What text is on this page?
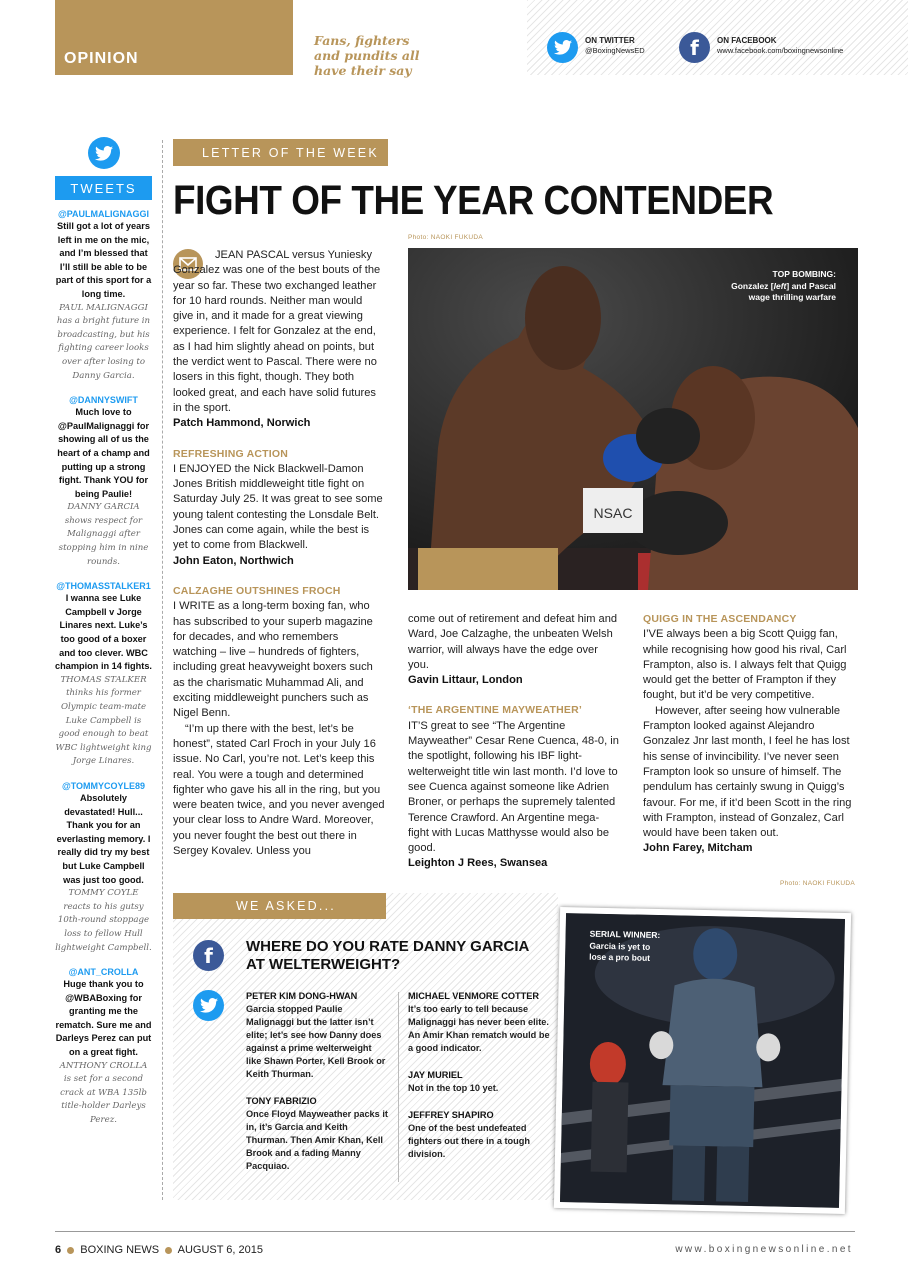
OPINION
Fans, fighters and pundits all have their say
ON TWITTER
@BoxingNewsED	f	ON FACEBOOK
www.facebook.com/boxingnewsonline
TWEETS
@PAULMALIGNAGGI
Still got a lot of years left in me on the mic, and I’m blessed that I’ll still be able to be part of this sport for a long time.
PAUL MALIGNAGGI has a bright future in broadcasting, but his fighting career looks over after losing to Danny Garcia.
@DANNYSWIFT
Much love to @PaulMalignaggi for showing all of us the heart of a champ and putting up a strong fight. Thank YOU for being Paulie!
DANNY GARCIA shows respect for Malignaggi after stopping him in nine rounds.
@THOMASSTALKER1
I wanna see Luke Campbell v Jorge Linares next. Luke’s too good of a boxer and too clever. WBC champion in 14 fights.
THOMAS STALKER thinks his former Olympic team-mate Luke Campbell is good enough to beat WBC lightweight king Jorge Linares.
@TOMMYCOYLE89
Absolutely devastated! Hull... Thank you for an everlasting memory. I really did try my best but Luke Campbell was just too good.
TOMMY COYLE reacts to his gutsy 10th-round stoppage loss to fellow Hull lightweight Campbell.
@ANT_CROLLA
Huge thank you to @WBABoxing for granting me the rematch. Sure me and Darleys Perez can put on a great fight.
ANTHONY CROLLA is set for a second crack at WBA 135lb title-holder Darleys Perez.
LETTER OF THE WEEK
FIGHT OF THE YEAR CONTENDER
Photo: NAOKI FUKUDA
NSAC
TOP BOMBING:
Gonzalez [left] and Pascal
wage thrilling warfare

JEAN PASCAL versus Yuniesky Gonzalez was one of the best bouts of the year so far. These two exchanged leather for 10 hard rounds. Neither man would give in, and it made for a great viewing experience. I felt for Gonzalez at the end, as I had him slightly ahead on points, but the verdict went to Pascal. There were no losers in this fight, though. They both looked great, and each have solid futures in the sport.

Patch Hammond, Norwich

REFRESHING ACTION

I ENJOYED the Nick Blackwell-Damon Jones British middleweight title fight on Saturday July 25. It was great to see some young talent contesting the Lonsdale Belt. Jones can come again, while the best is yet to come from Blackwell.

John Eaton, Northwich

CALZAGHE OUTSHINES FROCH

I WRITE as a long-term boxing fan, who has subscribed to your superb magazine for decades, and who remembers watching – live – hundreds of fighters, including great heavyweight boxers such as the charismatic Muhammad Ali, and exciting middleweight punchers such as Nigel Benn.

“I’m up there with the best, let’s be honest”, stated Carl Froch in your July 16 issue. No Carl, you’re not. Let’s keep this real. You were a tough and determined fighter who gave his all in the ring, but you were beaten twice, and you never avenged your clear loss to Andre Ward. Moreover, you never fought the best out there in Sergey Kovalev. Unless you

come out of retirement and defeat him and Ward, Joe Calzaghe, the unbeaten Welsh warrior, will always have the edge over you.

Gavin Littaur, London

‘THE ARGENTINE MAYWEATHER’

IT’S great to see “The Argentine Mayweather” Cesar Rene Cuenca, 48-0, in the spotlight, following his IBF light-welterweight title win last month. I’d love to see Cuenca against someone like Adrien Broner, or perhaps the supremely talented Terence Crawford. An Argentine mega-fight with Lucas Matthysse would also be good.

Leighton J Rees, Swansea

QUIGG IN THE ASCENDANCY

I’VE always been a big Scott Quigg fan, while recognising how good his rival, Carl Frampton, also is. I always felt that Quigg would get the better of Frampton if they fought, but it’d be very competitive.

However, after seeing how vulnerable Frampton looked against Alejandro Gonzalez Jnr last month, I feel he has lost his sense of invincibility. I’ve never seen Frampton look so unsure of himself. The pendulum has certainly swung in Quigg’s favour. For me, if it’d been Scott in the ring with Frampton, instead of Gonzalez, Carl would have been taken out.

John Farey, Mitcham

Photo: NAOKI FUKUDA
WE ASKED...
f	WHERE DO YOU RATE DANNY GARCIA AT WELTERWEIGHT?

PETER KIM DONG-HWAN

Garcia stopped Paulie Malignaggi but the latter isn’t elite; let’s see how Danny does against a prime welterweight like Shawn Porter, Kell Brook or Keith Thurman.

TONY FABRIZIO

Once Floyd Mayweather packs it in, it’s Garcia and Keith Thurman. Then Amir Khan, Kell Brook and a fading Manny Pacquiao.

MICHAEL VENMORE COTTER

It’s too early to tell because Malignaggi has never been elite. An Amir Khan rematch would be a good indicator.

JAY MURIEL

Not in the top 10 yet.

JEFFREY SHAPIRO

One of the best undefeated fighters out there in a tough division.

SERIAL WINNER:
Garcia is yet to
lose a pro bout
6 BOXING NEWS AUGUST 6, 2015	www.boxingnewsonline.net
